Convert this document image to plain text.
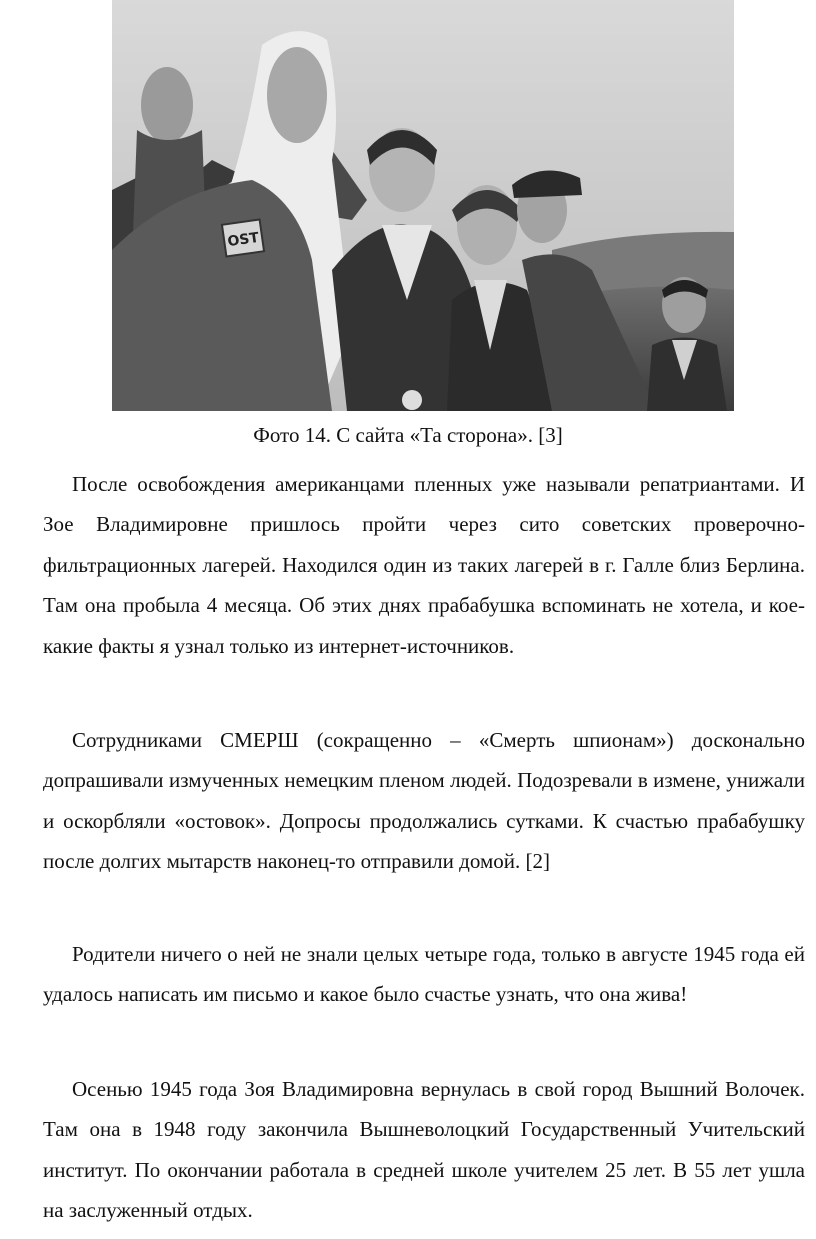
OST
Фото 14. С сайта «Та сторона». [3]

После освобождения американцами пленных уже называли репатриантами. И Зое Владимировне пришлось пройти через сито советских проверочно-фильтрационных лагерей. Находился один из таких лагерей в г. Галле близ Берлина. Там она пробыла 4 месяца. Об этих днях прабабушка вспоминать не хотела, и кое-какие факты я узнал только из интернет-источников.

Сотрудниками СМЕРШ (сокращенно – «Смерть шпионам») досконально допрашивали измученных немецким пленом людей. Подозревали в измене, унижали и оскорбляли «остовок». Допросы продолжались сутками. К счастью прабабушку после долгих мытарств наконец-то отправили домой. [2]

Родители ничего о ней не знали целых четыре года, только в августе 1945 года ей удалось написать им письмо и какое было счастье узнать, что она жива!

Осенью 1945 года Зоя Владимировна вернулась в свой город Вышний Волочек. Там она в 1948 году закончила Вышневолоцкий Государственный Учительский институт. По окончании работала в средней школе учителем 25 лет. В 55 лет ушла на заслуженный отдых.
